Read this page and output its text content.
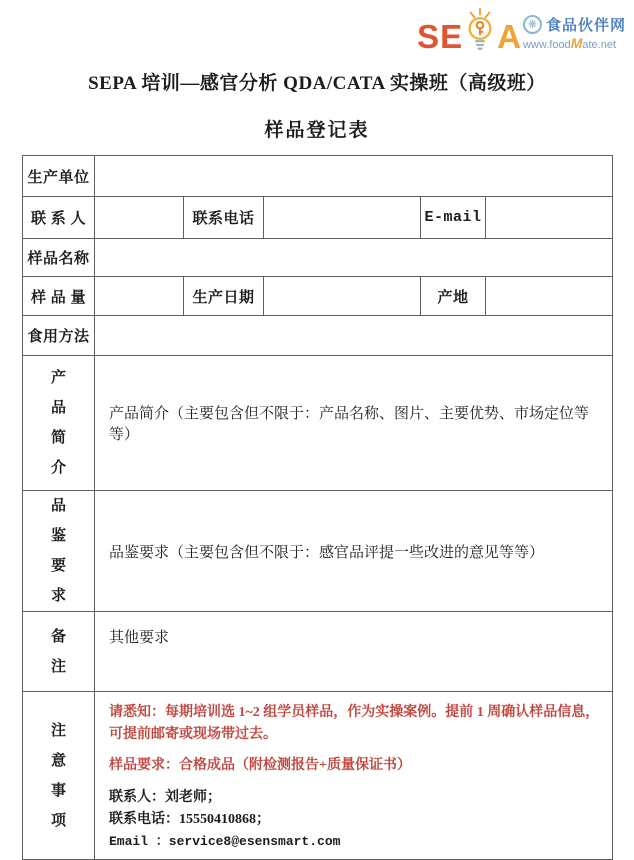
SE A ❋ 食品伙伴网
www.foodMate.net
SEPA 培训—感官分析 QDA/CATA 实操班（高级班）
样品登记表
生产单位					
联 系 人		联系电话		E-mail	
样品名称					
样 品 量		生产日期		产地	
食用方法					

产品简介	产品简介（主要包含但不限于：产品名称、图片、主要优势、市场定位等等）				

品鉴要求	品鉴要求（主要包含但不限于：感官品评提一些改进的意见等等）				

备注	其他要求				

注意事项	请悉知：每期培训选 1~2 组学员样品，作为实操案例。提前 1 周确认样品信息，可提前邮寄或现场带过去。
样品要求：合格成品（附检测报告+质量保证书）
联系人：刘老师；
联系电话：15550410868；
Email ：service8@esensmart.com				
